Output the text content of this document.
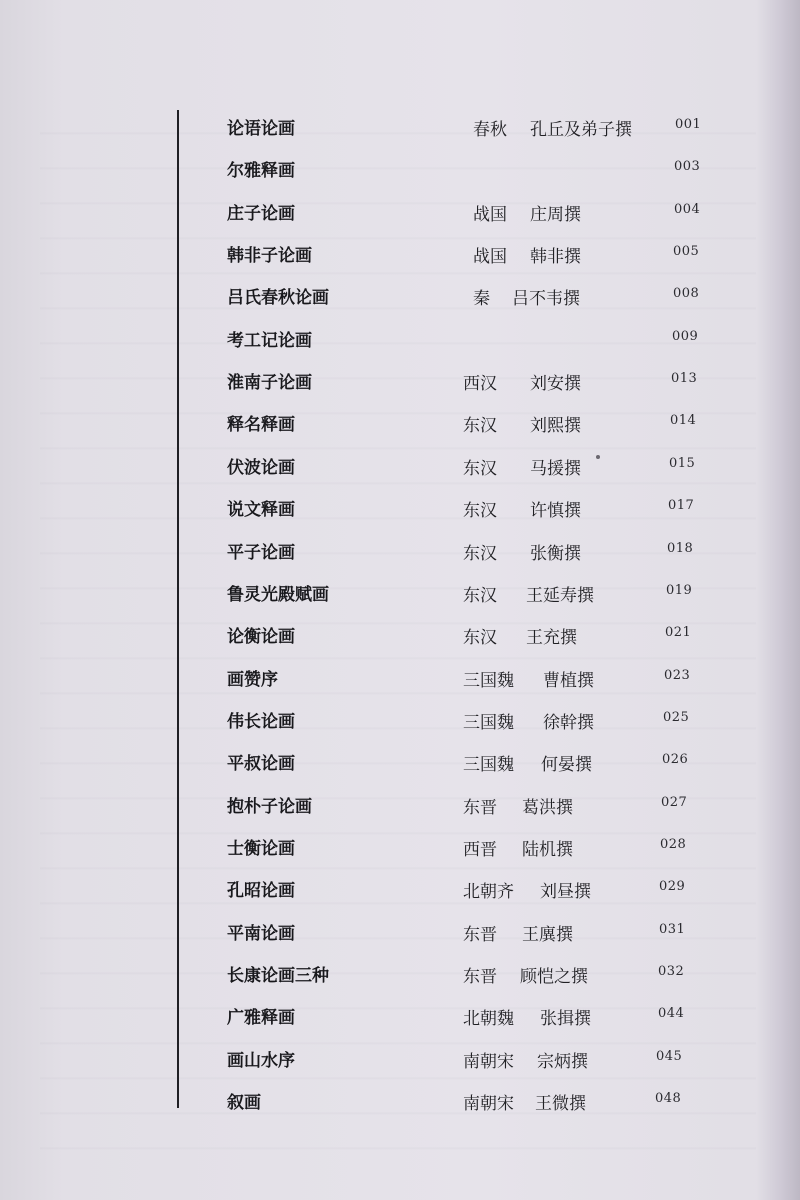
论语论画	春秋 孔丘及弟子撰	001
尔雅释画	003
庄子论画	战国 庄周撰	004
韩非子论画	战国 韩非撰	005
吕氏春秋论画	秦 吕不韦撰	008
考工记论画	009
淮南子论画	西汉 刘安撰	013
释名释画	东汉 刘熙撰	014
伏波论画	东汉 马援撰	015
说文释画	东汉 许慎撰	017
平子论画	东汉 张衡撰	018
鲁灵光殿赋画	东汉 王延寿撰	019
论衡论画	东汉 王充撰	021
画赞序	三国魏 曹植撰	023
伟长论画	三国魏 徐幹撰	025
平叔论画	三国魏 何晏撰	026
抱朴子论画	东晋 葛洪撰	027
士衡论画	西晋 陆机撰	028
孔昭论画	北朝齐 刘昼撰	029
平南论画	东晋 王廙撰	031
长康论画三种	东晋 顾恺之撰	032
广雅释画	北朝魏 张揖撰	044
画山水序	南朝宋 宗炳撰	045
叙画	南朝宋 王微撰	048
